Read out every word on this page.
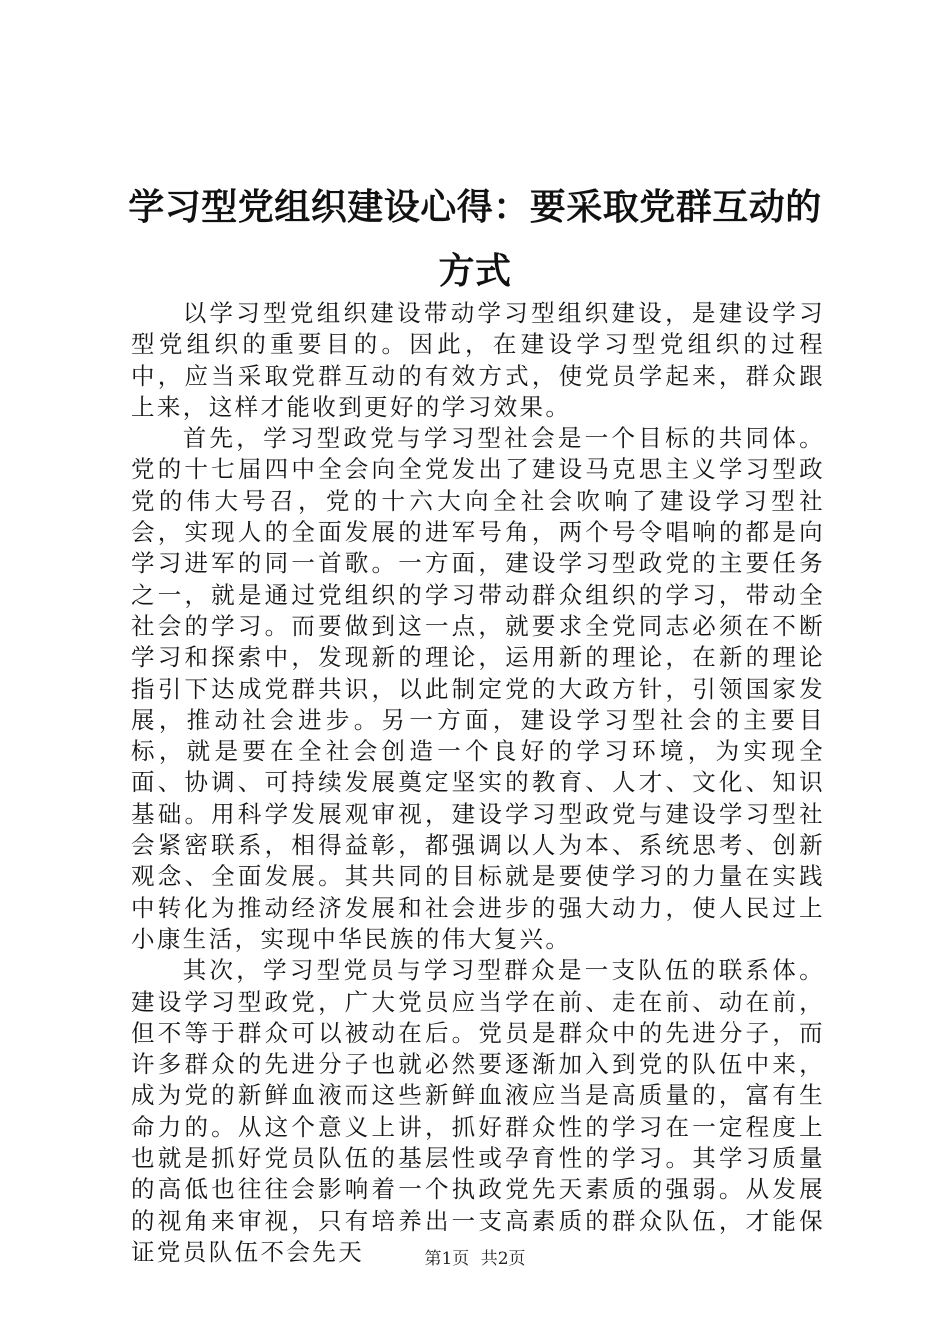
学习型党组织建设心得：要采取党群互动的方式

以学习型党组织建设带动学习型组织建设，是建设学习型党组织的重要目的。因此，在建设学习型党组织的过程中，应当采取党群互动的有效方式，使党员学起来，群众跟上来，这样才能收到更好的学习效果。

首先，学习型政党与学习型社会是一个目标的共同体。党的十七届四中全会向全党发出了建设马克思主义学习型政党的伟大号召，党的十六大向全社会吹响了建设学习型社会，实现人的全面发展的进军号角，两个号令唱响的都是向学习进军的同一首歌。一方面，建设学习型政党的主要任务之一，就是通过党组织的学习带动群众组织的学习，带动全社会的学习。而要做到这一点，就要求全党同志必须在不断学习和探索中，发现新的理论，运用新的理论，在新的理论指引下达成党群共识，以此制定党的大政方针，引领国家发展，推动社会进步。另一方面，建设学习型社会的主要目标，就是要在全社会创造一个良好的学习环境，为实现全面、协调、可持续发展奠定坚实的教育、人才、文化、知识基础。用科学发展观审视，建设学习型政党与建设学习型社会紧密联系，相得益彰，都强调以人为本、系统思考、创新观念、全面发展。其共同的目标就是要使学习的力量在实践中转化为推动经济发展和社会进步的强大动力，使人民过上小康生活，实现中华民族的伟大复兴。

其次，学习型党员与学习型群众是一支队伍的联系体。建设学习型政党，广大党员应当学在前、走在前、动在前，但不等于群众可以被动在后。党员是群众中的先进分子，而许多群众的先进分子也就必然要逐渐加入到党的队伍中来，成为党的新鲜血液而这些新鲜血液应当是高质量的，富有生命力的。从这个意义上讲，抓好群众性的学习在一定程度上也就是抓好党员队伍的基层性或孕育性的学习。其学习质量的高低也往往会影响着一个执政党先天素质的强弱。从发展的视角来审视，只有培养出一支高素质的群众队伍，才能保证党员队伍不会先天	第1页 共2页
